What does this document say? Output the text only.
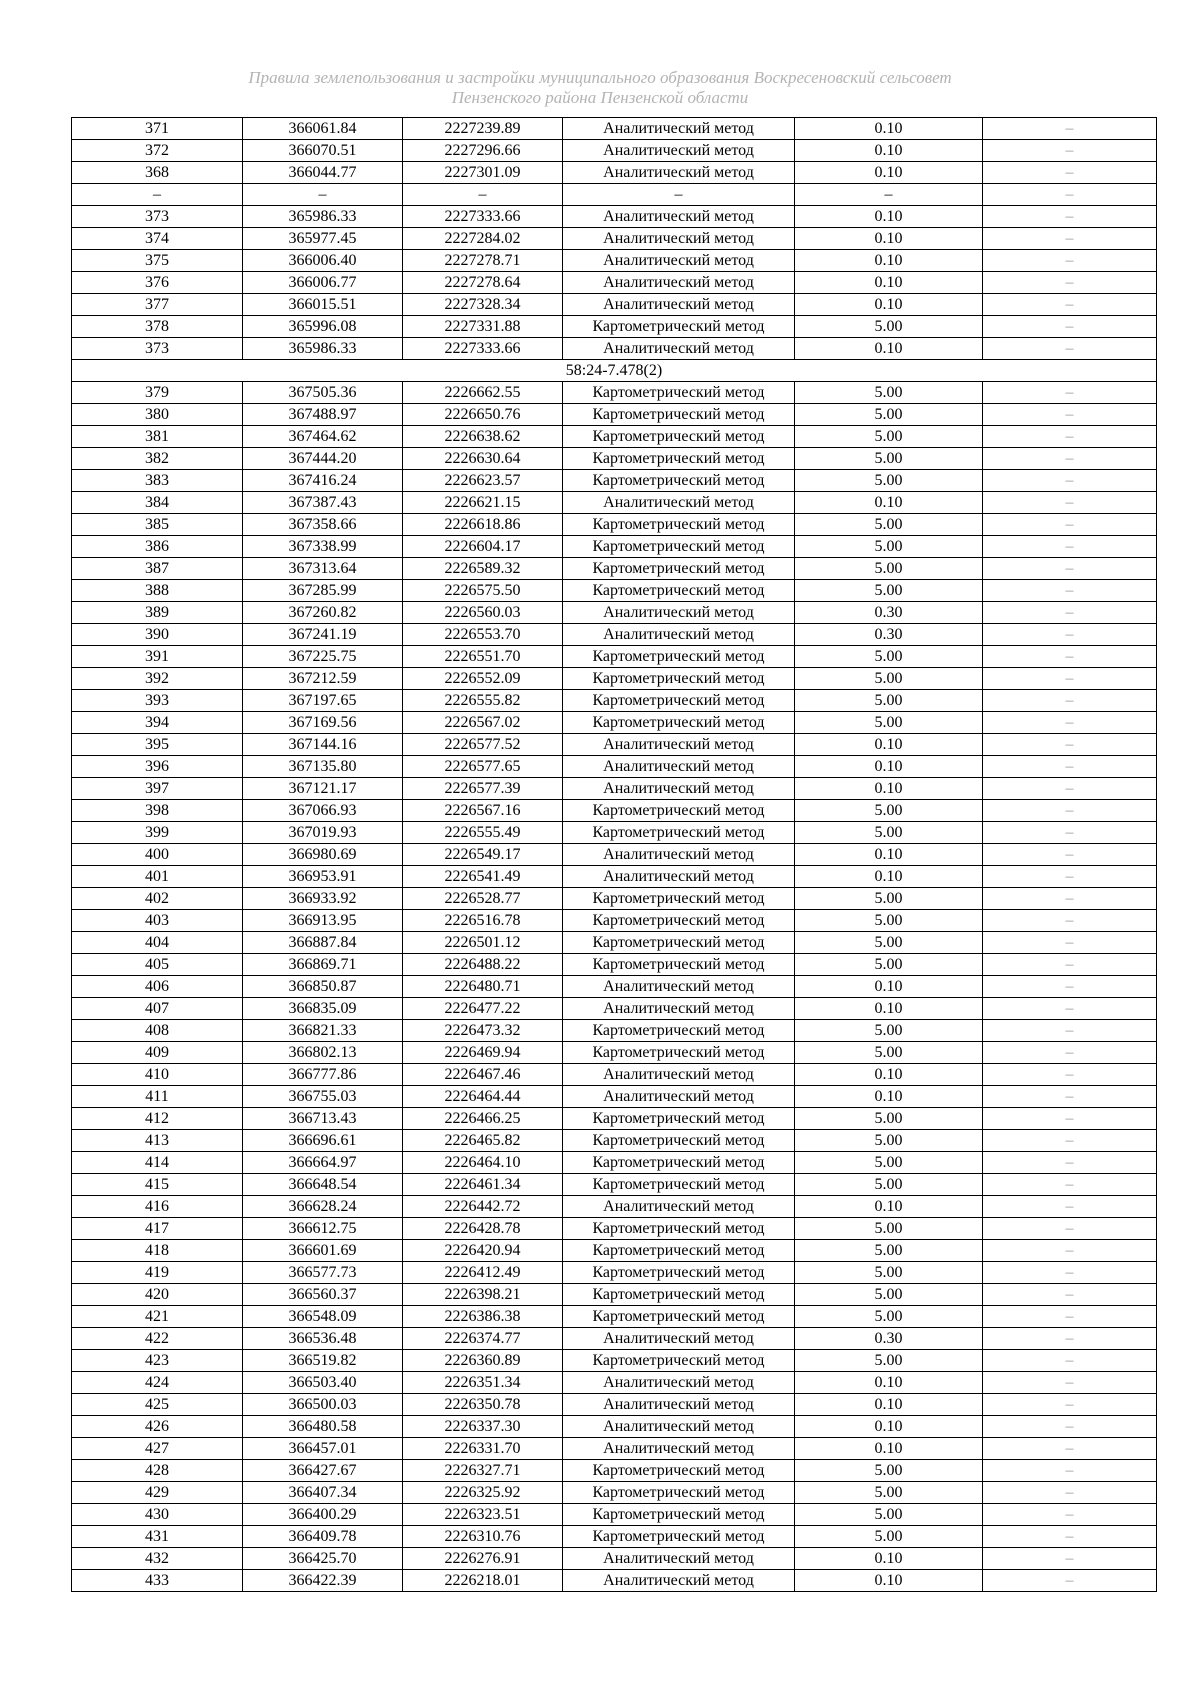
Правила землепользования и застройки муниципального образования Воскресеновский сельсовет
Пензенского района Пензенской области
371	366061.84	2227239.89	Аналитический метод	0.10	–
372	366070.51	2227296.66	Аналитический метод	0.10	–
368	366044.77	2227301.09	Аналитический метод	0.10	–
–	–	–	–	–	–
373	365986.33	2227333.66	Аналитический метод	0.10	–
374	365977.45	2227284.02	Аналитический метод	0.10	–
375	366006.40	2227278.71	Аналитический метод	0.10	–
376	366006.77	2227278.64	Аналитический метод	0.10	–
377	366015.51	2227328.34	Аналитический метод	0.10	–
378	365996.08	2227331.88	Картометрический метод	5.00	–
373	365986.33	2227333.66	Аналитический метод	0.10	–
58:24-7.478(2)					
379	367505.36	2226662.55	Картометрический метод	5.00	–
380	367488.97	2226650.76	Картометрический метод	5.00	–
381	367464.62	2226638.62	Картометрический метод	5.00	–
382	367444.20	2226630.64	Картометрический метод	5.00	–
383	367416.24	2226623.57	Картометрический метод	5.00	–
384	367387.43	2226621.15	Аналитический метод	0.10	–
385	367358.66	2226618.86	Картометрический метод	5.00	–
386	367338.99	2226604.17	Картометрический метод	5.00	–
387	367313.64	2226589.32	Картометрический метод	5.00	–
388	367285.99	2226575.50	Картометрический метод	5.00	–
389	367260.82	2226560.03	Аналитический метод	0.30	–
390	367241.19	2226553.70	Аналитический метод	0.30	–
391	367225.75	2226551.70	Картометрический метод	5.00	–
392	367212.59	2226552.09	Картометрический метод	5.00	–
393	367197.65	2226555.82	Картометрический метод	5.00	–
394	367169.56	2226567.02	Картометрический метод	5.00	–
395	367144.16	2226577.52	Аналитический метод	0.10	–
396	367135.80	2226577.65	Аналитический метод	0.10	–
397	367121.17	2226577.39	Аналитический метод	0.10	–
398	367066.93	2226567.16	Картометрический метод	5.00	–
399	367019.93	2226555.49	Картометрический метод	5.00	–
400	366980.69	2226549.17	Аналитический метод	0.10	–
401	366953.91	2226541.49	Аналитический метод	0.10	–
402	366933.92	2226528.77	Картометрический метод	5.00	–
403	366913.95	2226516.78	Картометрический метод	5.00	–
404	366887.84	2226501.12	Картометрический метод	5.00	–
405	366869.71	2226488.22	Картометрический метод	5.00	–
406	366850.87	2226480.71	Аналитический метод	0.10	–
407	366835.09	2226477.22	Аналитический метод	0.10	–
408	366821.33	2226473.32	Картометрический метод	5.00	–
409	366802.13	2226469.94	Картометрический метод	5.00	–
410	366777.86	2226467.46	Аналитический метод	0.10	–
411	366755.03	2226464.44	Аналитический метод	0.10	–
412	366713.43	2226466.25	Картометрический метод	5.00	–
413	366696.61	2226465.82	Картометрический метод	5.00	–
414	366664.97	2226464.10	Картометрический метод	5.00	–
415	366648.54	2226461.34	Картометрический метод	5.00	–
416	366628.24	2226442.72	Аналитический метод	0.10	–
417	366612.75	2226428.78	Картометрический метод	5.00	–
418	366601.69	2226420.94	Картометрический метод	5.00	–
419	366577.73	2226412.49	Картометрический метод	5.00	–
420	366560.37	2226398.21	Картометрический метод	5.00	–
421	366548.09	2226386.38	Картометрический метод	5.00	–
422	366536.48	2226374.77	Аналитический метод	0.30	–
423	366519.82	2226360.89	Картометрический метод	5.00	–
424	366503.40	2226351.34	Аналитический метод	0.10	–
425	366500.03	2226350.78	Аналитический метод	0.10	–
426	366480.58	2226337.30	Аналитический метод	0.10	–
427	366457.01	2226331.70	Аналитический метод	0.10	–
428	366427.67	2226327.71	Картометрический метод	5.00	–
429	366407.34	2226325.92	Картометрический метод	5.00	–
430	366400.29	2226323.51	Картометрический метод	5.00	–
431	366409.78	2226310.76	Картометрический метод	5.00	–
432	366425.70	2226276.91	Аналитический метод	0.10	–
433	366422.39	2226218.01	Аналитический метод	0.10	–
